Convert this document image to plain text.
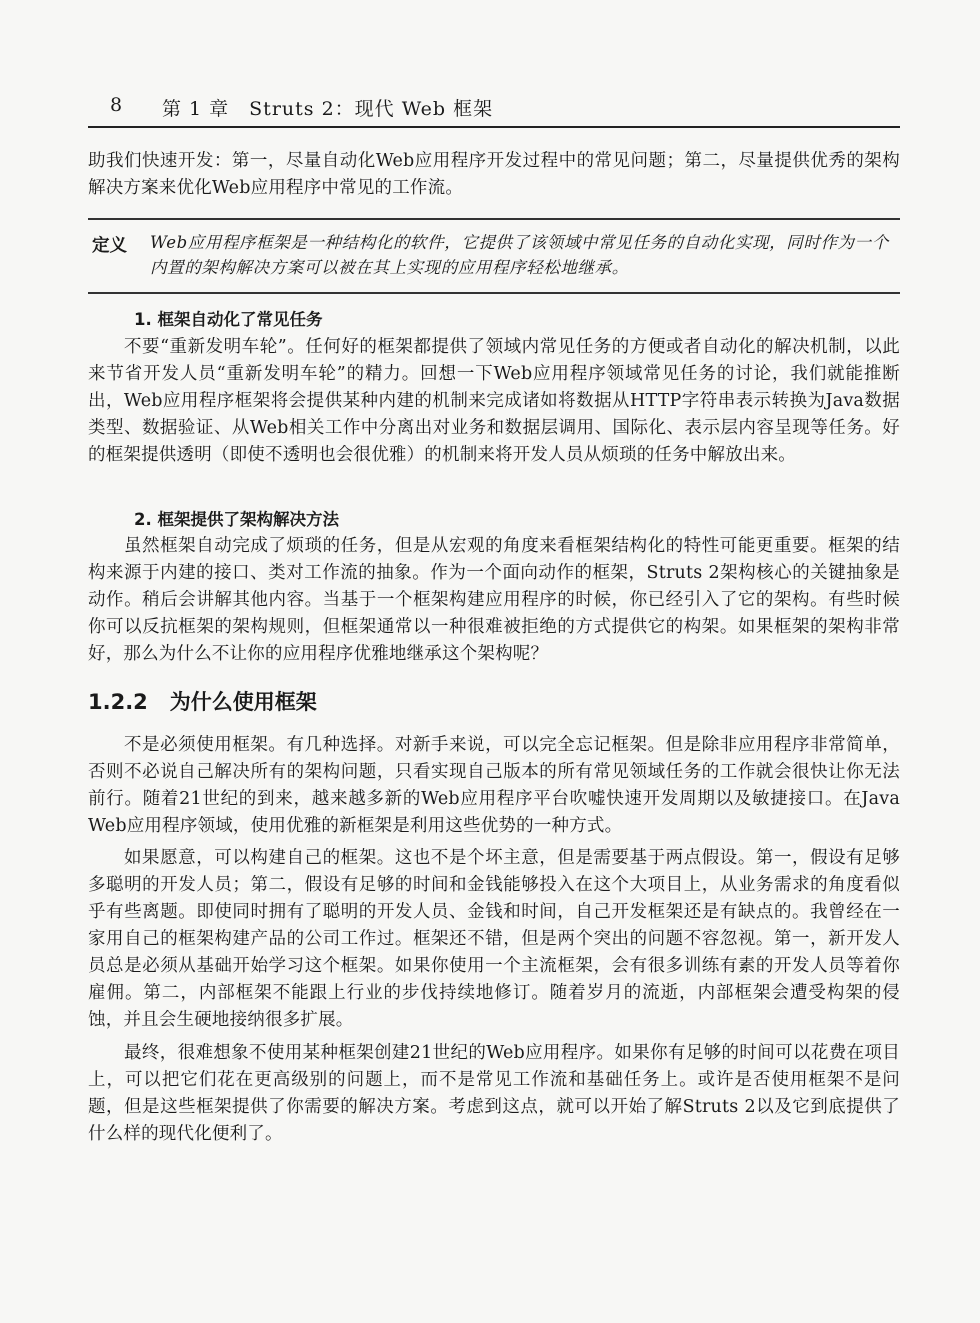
8 第 1 章　Struts 2：现代 Web 框架

助我们快速开发：第一，尽量自动化Web应用程序开发过程中的常见问题；第二，尽量提供优秀的架构解决方案来优化Web应用程序中常见的工作流。

定义 Web应用程序框架是一种结构化的软件，它提供了该领域中常见任务的自动化实现，同时作为一个内置的架构解决方案可以被在其上实现的应用程序轻松地继承。
1. 框架自动化了常见任务

不要“重新发明车轮”。任何好的框架都提供了领域内常见任务的方便或者自动化的解决机制，以此来节省开发人员“重新发明车轮”的精力。回想一下Web应用程序领域常见任务的讨论，我们就能推断出，Web应用程序框架将会提供某种内建的机制来完成诸如将数据从HTTP字符串表示转换为Java数据类型、数据验证、从Web相关工作中分离出对业务和数据层调用、国际化、表示层内容呈现等任务。好的框架提供透明（即使不透明也会很优雅）的机制来将开发人员从烦琐的任务中解放出来。

2. 框架提供了架构解决方法

虽然框架自动完成了烦琐的任务，但是从宏观的角度来看框架结构化的特性可能更重要。框架的结构来源于内建的接口、类对工作流的抽象。作为一个面向动作的框架，Struts 2架构核心的关键抽象是动作。稍后会讲解其他内容。当基于一个框架构建应用程序的时候，你已经引入了它的架构。有些时候你可以反抗框架的架构规则，但框架通常以一种很难被拒绝的方式提供它的构架。如果框架的架构非常好，那么为什么不让你的应用程序优雅地继承这个架构呢？

1.2.2 为什么使用框架

不是必须使用框架。有几种选择。对新手来说，可以完全忘记框架。但是除非应用程序非常简单，否则不必说自己解决所有的架构问题，只看实现自己版本的所有常见领域任务的工作就会很快让你无法前行。随着21世纪的到来，越来越多新的Web应用程序平台吹嘘快速开发周期以及敏捷接口。在Java Web应用程序领域，使用优雅的新框架是利用这些优势的一种方式。

如果愿意，可以构建自己的框架。这也不是个坏主意，但是需要基于两点假设。第一，假设有足够多聪明的开发人员；第二，假设有足够的时间和金钱能够投入在这个大项目上，从业务需求的角度看似乎有些离题。即使同时拥有了聪明的开发人员、金钱和时间，自己开发框架还是有缺点的。我曾经在一家用自己的框架构建产品的公司工作过。框架还不错，但是两个突出的问题不容忽视。第一，新开发人员总是必须从基础开始学习这个框架。如果你使用一个主流框架，会有很多训练有素的开发人员等着你雇佣。第二，内部框架不能跟上行业的步伐持续地修订。随着岁月的流逝，内部框架会遭受构架的侵蚀，并且会生硬地接纳很多扩展。

最终，很难想象不使用某种框架创建21世纪的Web应用程序。如果你有足够的时间可以花费在项目上，可以把它们花在更高级别的问题上，而不是常见工作流和基础任务上。或许是否使用框架不是问题，但是这些框架提供了你需要的解决方案。考虑到这点，就可以开始了解Struts 2以及它到底提供了什么样的现代化便利了。
